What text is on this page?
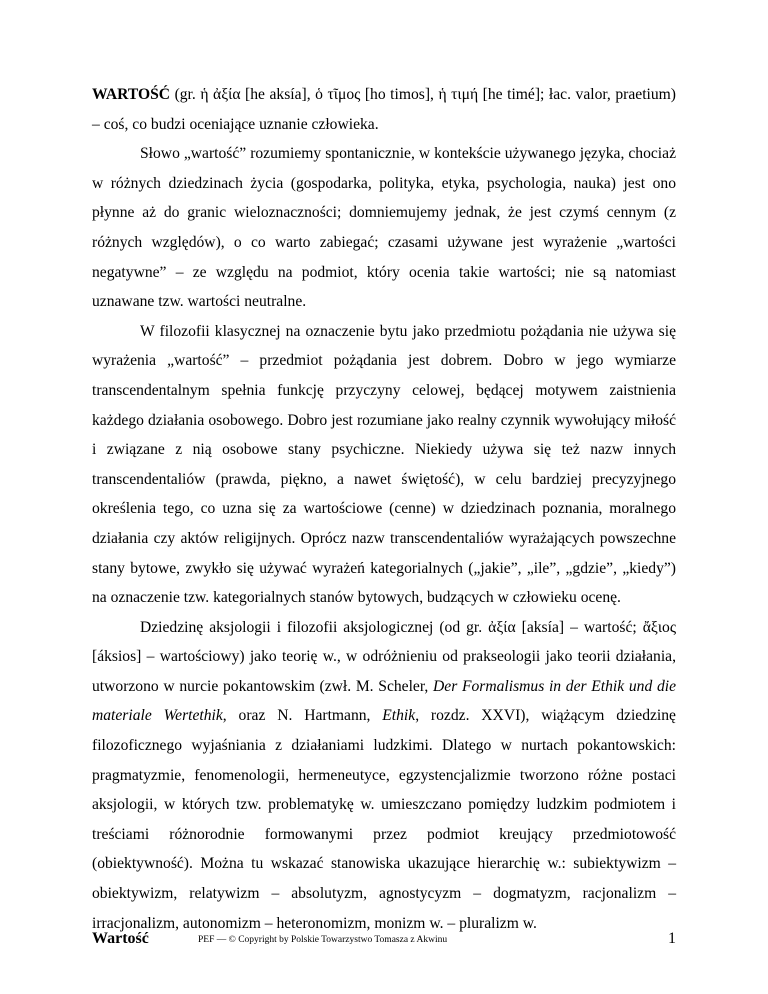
WARTOŚĆ (gr. ἡ ἀξία [he aksía], ὁ τῖμος [ho timos], ἡ τιμή [he timé]; łac. valor, praetium) – coś, co budzi oceniające uznanie człowieka.

Słowo „wartość” rozumiemy spontanicznie, w kontekście używanego języka, chociaż w różnych dziedzinach życia (gospodarka, polityka, etyka, psychologia, nauka) jest ono płynne aż do granic wieloznaczności; domniemujemy jednak, że jest czymś cennym (z różnych względów), o co warto zabiegać; czasami używane jest wyrażenie „wartości negatywne” – ze względu na podmiot, który ocenia takie wartości; nie są natomiast uznawane tzw. wartości neutralne.

W filozofii klasycznej na oznaczenie bytu jako przedmiotu pożądania nie używa się wyrażenia „wartość” – przedmiot pożądania jest dobrem. Dobro w jego wymiarze transcendentalnym spełnia funkcję przyczyny celowej, będącej motywem zaistnienia każdego działania osobowego. Dobro jest rozumiane jako realny czynnik wywołujący miłość i związane z nią osobowe stany psychiczne. Niekiedy używa się też nazw innych transcendentaliów (prawda, piękno, a nawet świętość), w celu bardziej precyzyjnego określenia tego, co uzna się za wartościowe (cenne) w dziedzinach poznania, moralnego działania czy aktów religijnych. Oprócz nazw transcendentaliów wyrażających powszechne stany bytowe, zwykło się używać wyrażeń kategorialnych („jakie”, „ile”, „gdzie”, „kiedy”) na oznaczenie tzw. kategorialnych stanów bytowych, budzących w człowieku ocenę.

Dziedzinę aksjologii i filozofii aksjologicznej (od gr. ἀξία [aksía] – wartość; ἄξιος [áksios] – wartościowy) jako teorię w., w odróżnieniu od prakseologii jako teorii działania, utworzono w nurcie pokantowskim (zwł. M. Scheler, Der Formalismus in der Ethik und die materiale Wertethik, oraz N. Hartmann, Ethik, rozdz. XXVI), wiążącym dziedzinę filozoficznego wyjaśniania z działaniami ludzkimi. Dlatego w nurtach pokantowskich: pragmatyzmie, fenomenologii, hermeneutyce, egzystencjalizmie tworzono różne postaci aksjologii, w których tzw. problematykę w. umieszczano pomiędzy ludzkim podmiotem i treściami różnorodnie formowanymi przez podmiot kreujący przedmiotowość (obiektywność). Można tu wskazać stanowiska ukazujące hierarchię w.: subiektywizm – obiektywizm, relatywizm – absolutyzm, agnostycyzm – dogmatyzm, racjonalizm – irracjonalizm, autonomizm – heteronomizm, monizm w. – pluralizm w.

Wartość	PEF — © Copyright by Polskie Towarzystwo Tomasza z Akwinu	1
